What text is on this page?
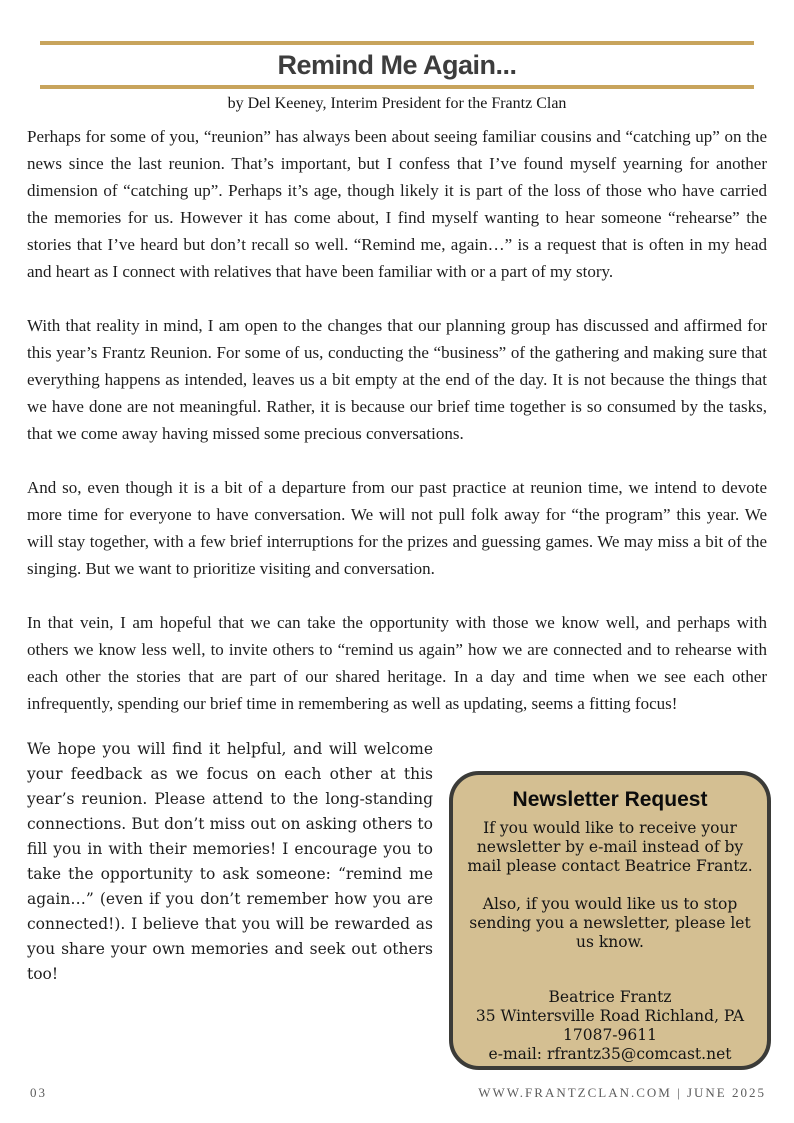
Remind Me Again...
by Del Keeney, Interim President for the Frantz Clan

Perhaps for some of you, “reunion” has always been about seeing familiar cousins and “catching up” on the news since the last reunion. That’s important, but I confess that I’ve found myself yearning for another dimension of “catching up”. Perhaps it’s age, though likely it is part of the loss of those who have carried the memories for us. However it has come about, I find myself wanting to hear someone “rehearse” the stories that I’ve heard but don’t recall so well. “Remind me, again…” is a request that is often in my head and heart as I connect with relatives that have been familiar with or a part of my story.

With that reality in mind, I am open to the changes that our planning group has discussed and affirmed for this year’s Frantz Reunion. For some of us, conducting the “business” of the gathering and making sure that everything happens as intended, leaves us a bit empty at the end of the day. It is not because the things that we have done are not meaningful. Rather, it is because our brief time together is so consumed by the tasks, that we come away having missed some precious conversations.

And so, even though it is a bit of a departure from our past practice at reunion time, we intend to devote more time for everyone to have conversation. We will not pull folk away for “the program” this year. We will stay together, with a few brief interruptions for the prizes and guessing games. We may miss a bit of the singing. But we want to prioritize visiting and conversation.

In that vein, I am hopeful that we can take the opportunity with those we know well, and perhaps with others we know less well, to invite others to “remind us again” how we are connected and to rehearse with each other the stories that are part of our shared heritage. In a day and time when we see each other infrequently, spending our brief time in remembering as well as updating, seems a fitting focus!

We hope you will find it helpful, and will welcome your feedback as we focus on each other at this year’s reunion. Please attend to the long-standing connections. But don’t miss out on asking others to fill you in with their memories! I encourage you to take the opportunity to ask someone: “remind me again…” (even if you don’t remember how you are connected!). I believe that you will be rewarded as you share your own memories and seek out others too!

Newsletter Request

If you would like to receive your newsletter by e-mail instead of by mail please contact Beatrice Frantz.

Also, if you would like us to stop sending you a newsletter, please let us know.

Beatrice Frantz
35 Wintersville Road Richland, PA
17087-9611
e-mail: rfrantz35@comcast.net
03	WWW.FRANTZCLAN.COM | JUNE 2025
